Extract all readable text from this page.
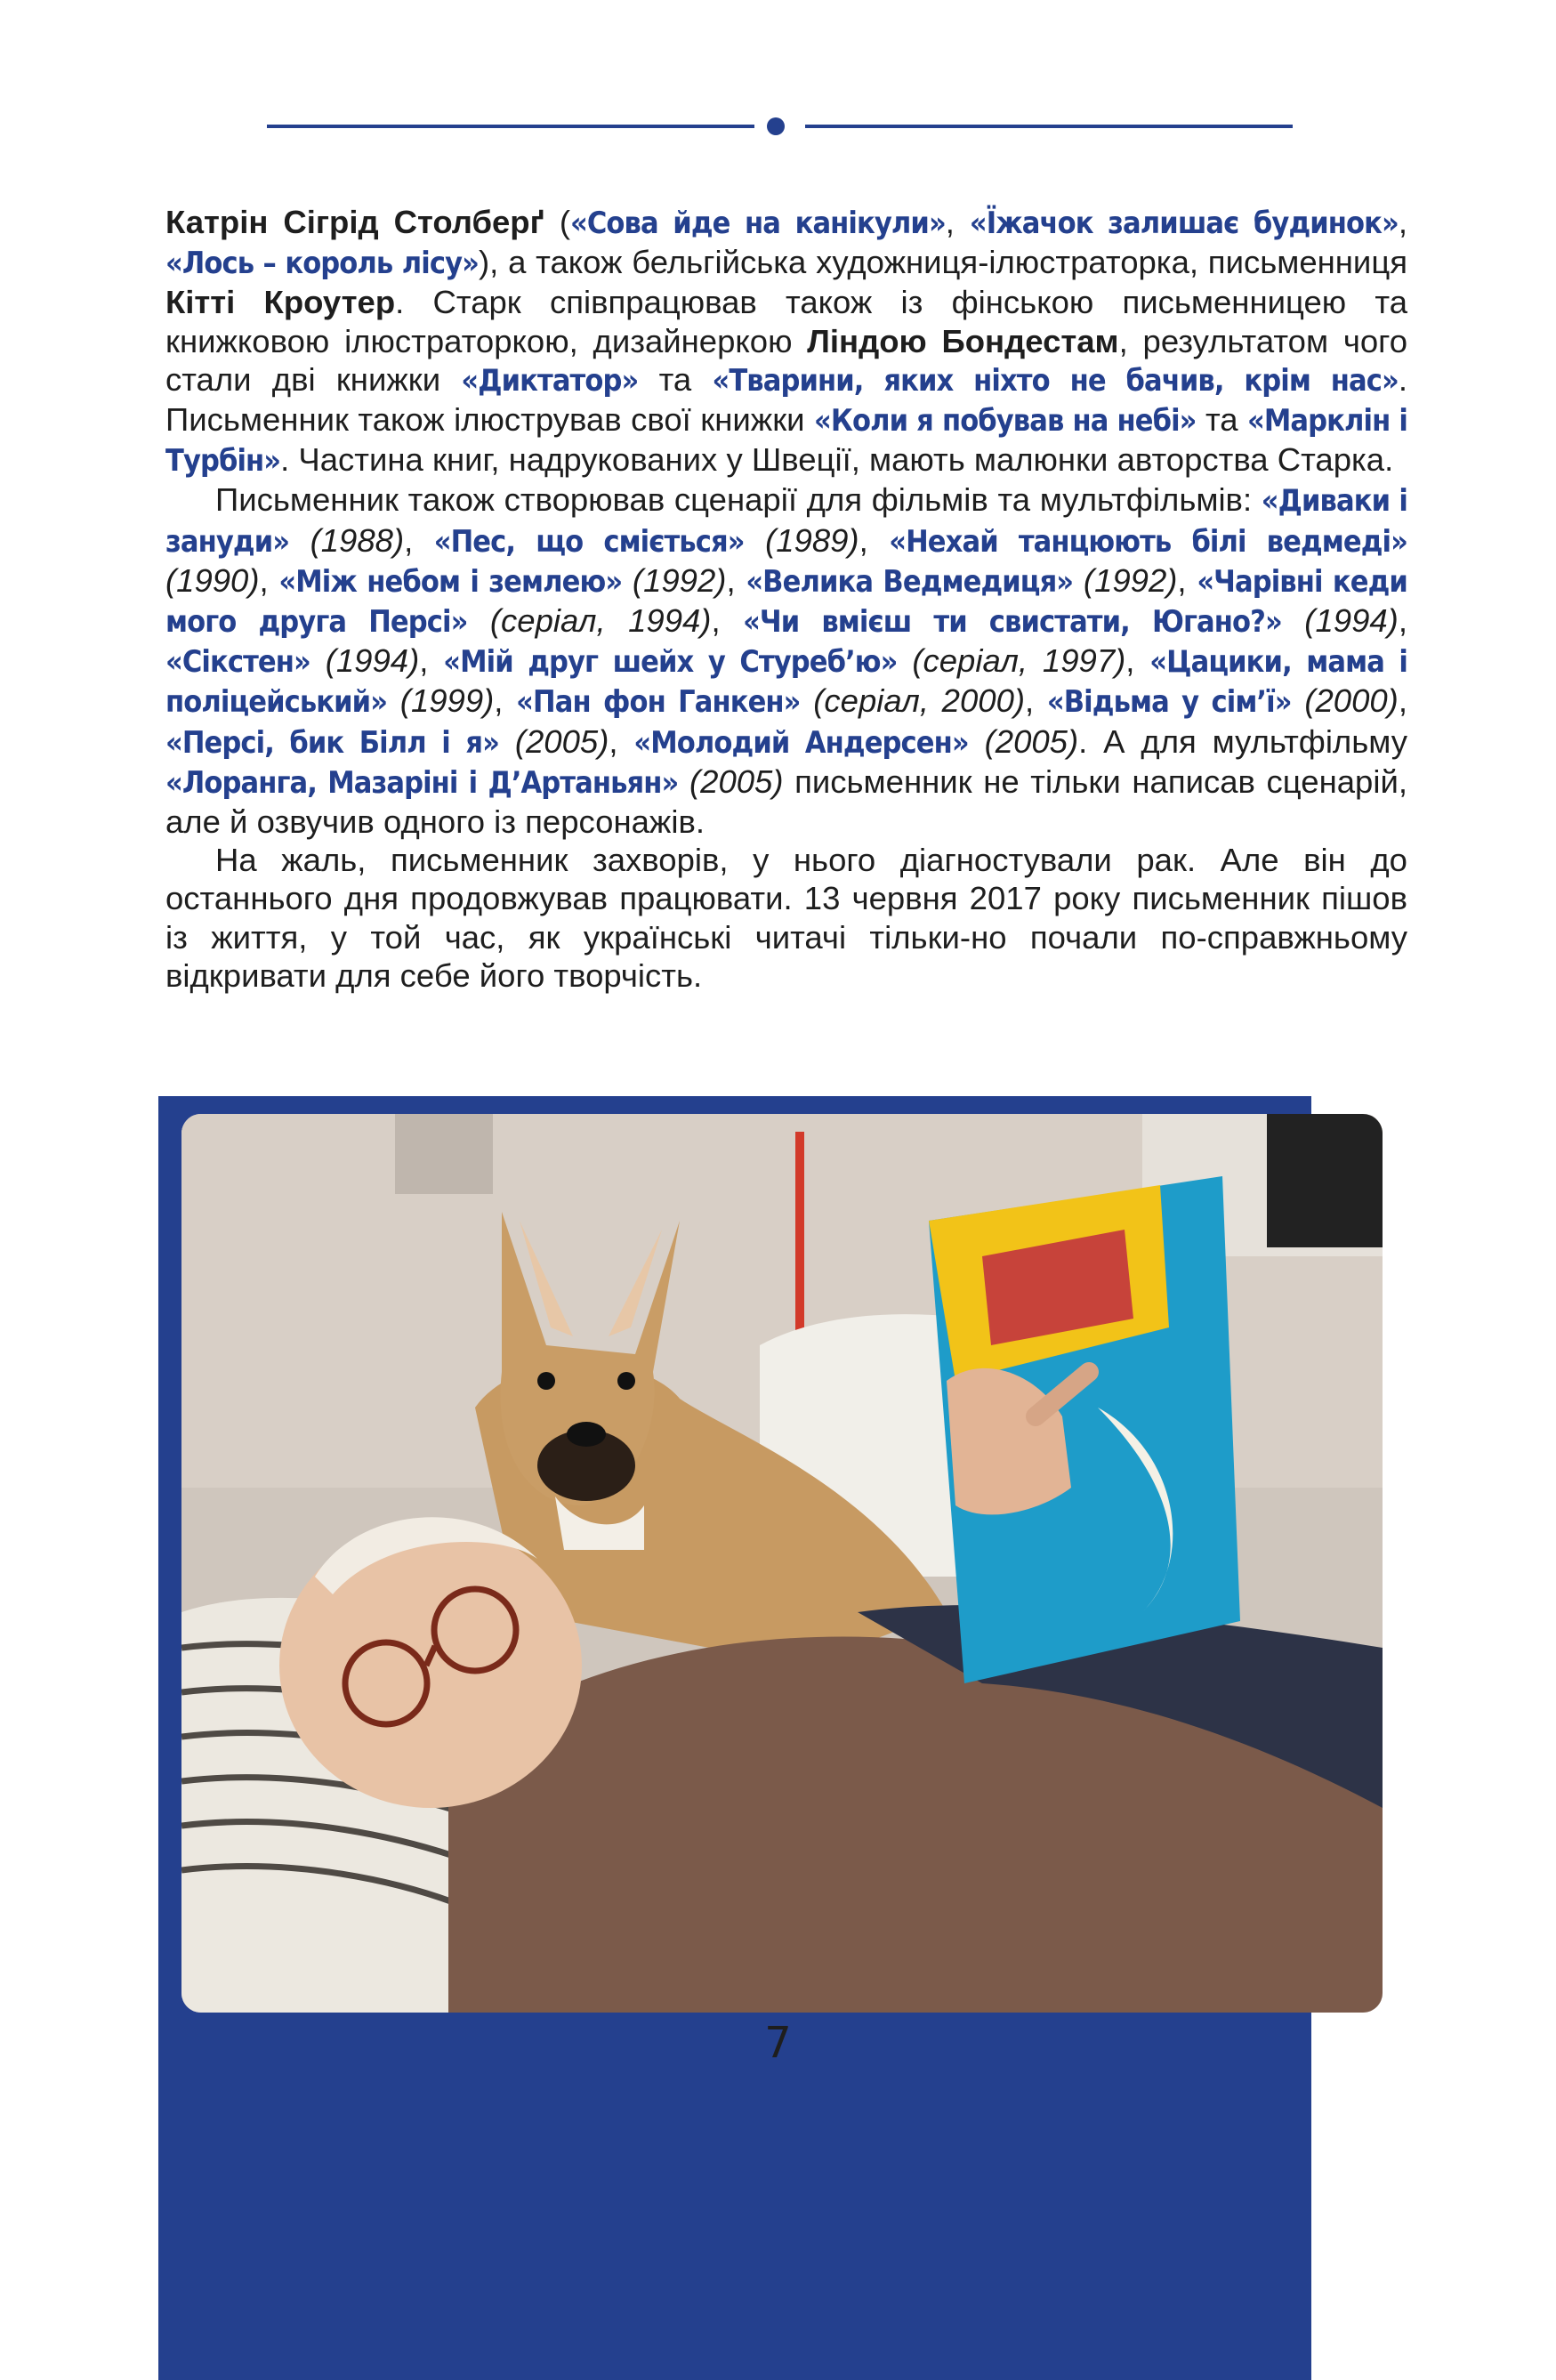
Катрін Сігрід Столберґ («Сова йде на канікули», «Їжачок залишає будинок», «Лось – король лісу»), а також бельгійська художниця-ілюстраторка, письменниця Кітті Кроутер. Старк співпрацював також із фінською письменницею та книжковою ілюстраторкою, дизайнеркою Ліндою Бондестам, результатом чого стали дві книжки «Диктатор» та «Тварини, яких ніхто не бачив, крім нас». Письменник також ілюстрував свої книжки «Коли я побував на небі» та «Марклін і Турбін». Частина книг, надрукованих у Швеції, мають малюнки авторства Старка.

Письменник також створював сценарії для фільмів та мультфільмів: «Диваки і зануди» (1988), «Пес, що сміється» (1989), «Нехай танцюють білі ведмеді» (1990), «Між небом і землею» (1992), «Велика Ведмедиця» (1992), «Чарівні кеди мого друга Персі» (серіал, 1994), «Чи вмієш ти свистати, Югано?» (1994), «Сікстен» (1994), «Мій друг шейх у Стуреб’ю» (серіал, 1997), «Цацики, мама і поліцейський» (1999), «Пан фон Ганкен» (серіал, 2000), «Відьма у сім’ї» (2000), «Персі, бик Білл і я» (2005), «Молодий Андерсен» (2005). А для мультфільму «Лоранга, Мазаріні і Д’Артаньян» (2005) письменник не тільки написав сценарій, але й озвучив одного із персонажів.

На жаль, письменник захворів, у нього діагностували рак. Але він до останнього дня продовжував працювати. 13 червня 2017 року письменник пішов із життя, у той час, як українські читачі тільки-но почали по-справжньому відкривати для себе його творчість.

7
